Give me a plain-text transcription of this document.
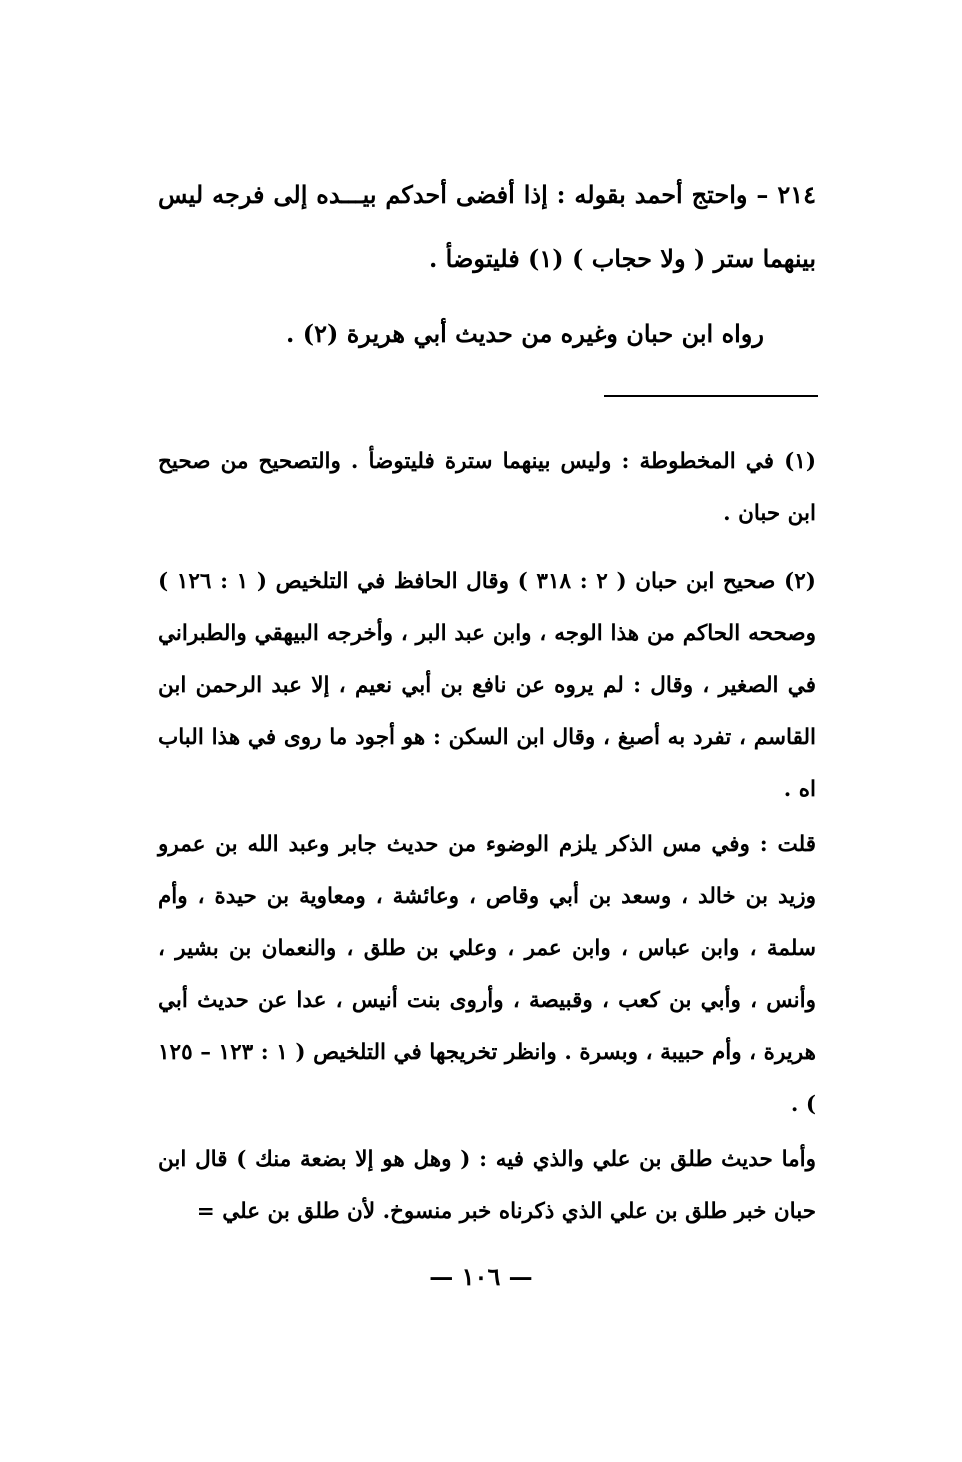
٢١٤ – واحتج أحمد بقوله : إذا أفضى أحدكم بيـــده إلى فرجه ليس بينهما ستر ( ولا حجاب ) (١) فليتوضأ .

رواه ابن حبان وغيره من حديث أبي هريرة (٢) .

(١) في المخطوطة : وليس بينهما سترة فليتوضأ . والتصحيح من صحيح ابن حبان .

(٢) صحيح ابن حبان ( ٢ : ٣١٨ ) وقال الحافظ في التلخيص ( ١ : ١٢٦ ) وصححه الحاكم من هذا الوجه ، وابن عبد البر ، وأخرجه البيهقي والطبراني في الصغير ، وقال : لم يروه عن نافع بن أبي نعيم ، إلا عبد الرحمن ابن القاسم ، تفرد به أصبغ ، وقال ابن السكن : هو أجود ما روى في هذا الباب اه .

قلت : وفي مس الذكر يلزم الوضوء من حديث جابر وعبد الله بن عمرو وزيد بن خالد ، وسعد بن أبي وقاص ، وعائشة ، ومعاوية بن حيدة ، وأم سلمة ، وابن عباس ، وابن عمر ، وعلي بن طلق ، والنعمان بن بشير ، وأنس ، وأبي بن كعب ، وقبيصة ، وأروى بنت أنيس ، عدا عن حديث أبي هريرة ، وأم حبيبة ، وبسرة . وانظر تخريجها في التلخيص ( ١ : ١٢٣ – ١٢٥ ) .

وأما حديث طلق بن علي والذي فيه : ( وهل هو إلا بضعة منك ) قال ابن حبان خبر طلق بن علي الذي ذكرناه خبر منسوخ. لأن طلق بن علي =

— ١٠٦ —
